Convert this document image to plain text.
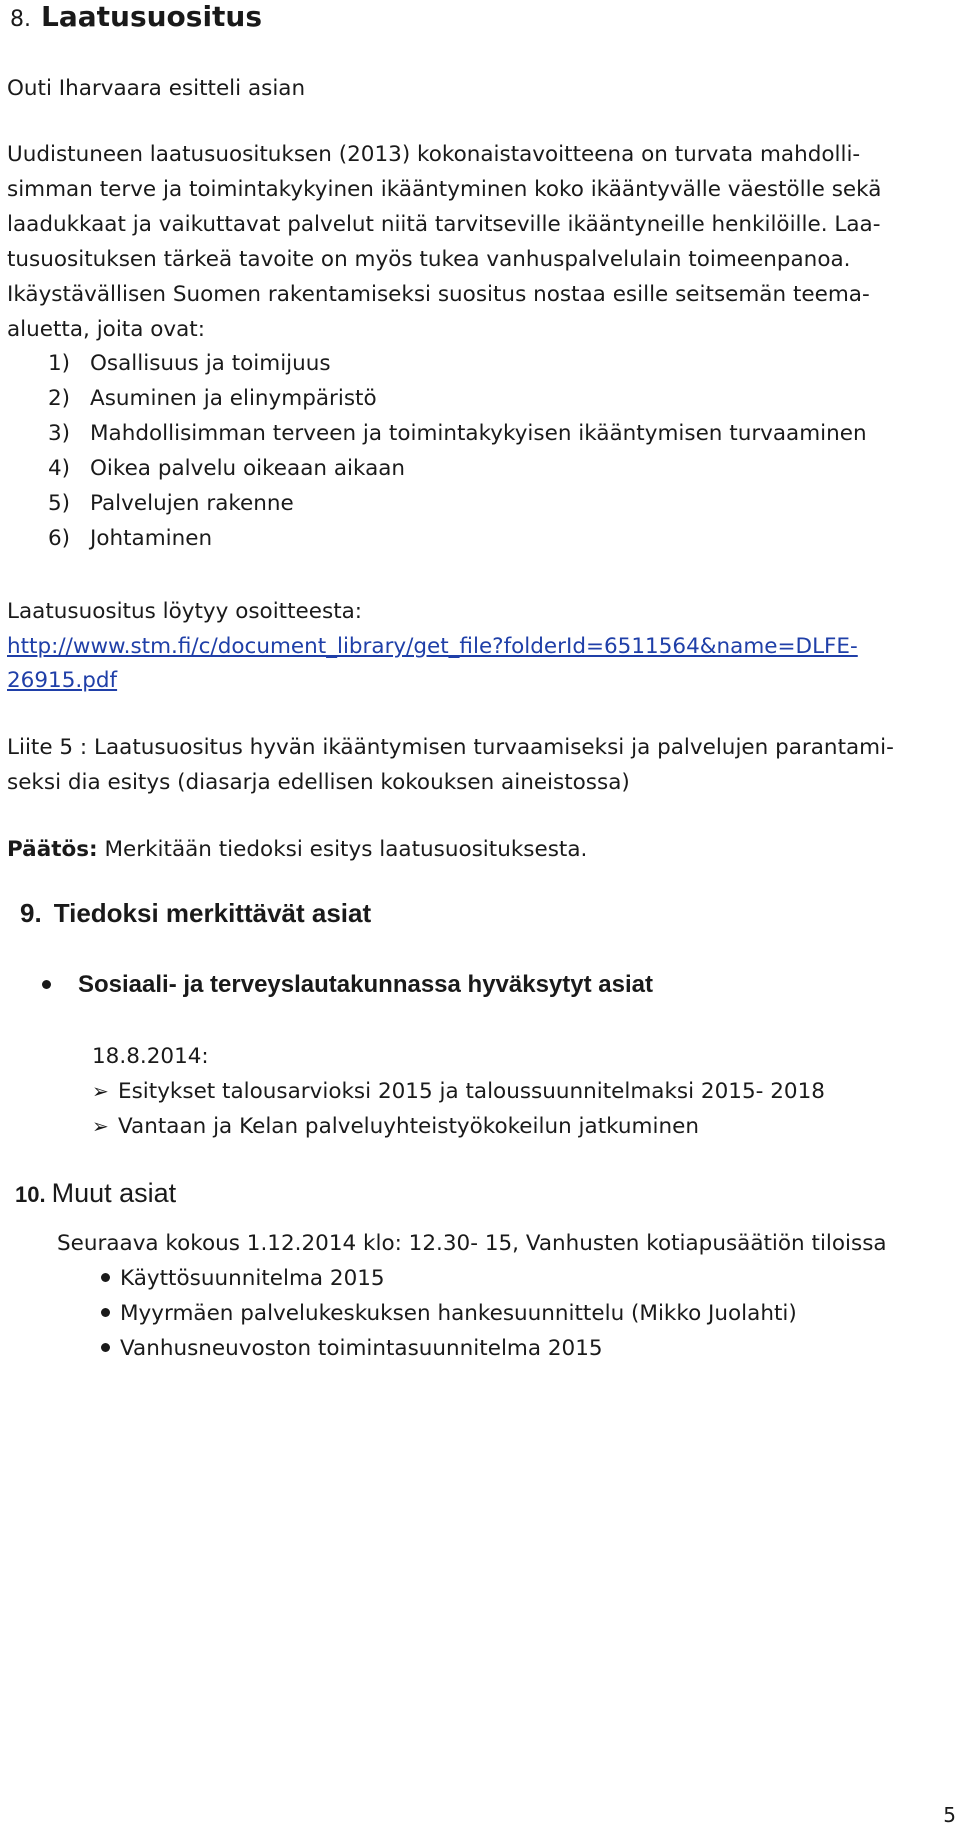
8. Laatusuositus
Outi Iharvaara esitteli asian
Uudistuneen laatusuosituksen (2013) kokonaistavoitteena on turvata mahdolli-
simman terve ja toimintakykyinen ikääntyminen koko ikääntyvälle väestölle sekä
laadukkaat ja vaikuttavat palvelut niitä tarvitseville ikääntyneille henkilöille. Laa-
tusuosituksen tärkeä tavoite on myös tukea vanhuspalvelulain toimeenpanoa.
Ikäystävällisen Suomen rakentamiseksi suositus nostaa esille seitsemän teema-
aluetta, joita ovat:
1) Osallisuus ja toimijuus
2) Asuminen ja elinympäristö
3) Mahdollisimman terveen ja toimintakykyisen ikääntymisen turvaaminen
4) Oikea palvelu oikeaan aikaan
5) Palvelujen rakenne
6) Johtaminen
Laatusuositus löytyy osoitteesta:
http://www.stm.fi/c/document_library/get_file?folderId=6511564&name=DLFE-
26915.pdf
Liite 5 : Laatusuositus hyvän ikääntymisen turvaamiseksi ja palvelujen parantami-
seksi dia esitys (diasarja edellisen kokouksen aineistossa)
Päätös: Merkitään tiedoksi esitys laatusuosituksesta.
9. Tiedoksi merkittävät asiat
Sosiaali- ja terveyslautakunnassa hyväksytyt asiat
18.8.2014:
➢ Esitykset talousarvioksi 2015 ja taloussuunnitelmaksi 2015- 2018
➢ Vantaan ja Kelan palveluyhteistyökokeilun jatkuminen
10. Muut asiat
Seuraava kokous 1.12.2014 klo: 12.30- 15, Vanhusten kotiapusäätiön tiloissa
Käyttösuunnitelma 2015
Myyrmäen palvelukeskuksen hankesuunnittelu (Mikko Juolahti)
Vanhusneuvoston toimintasuunnitelma 2015
5
